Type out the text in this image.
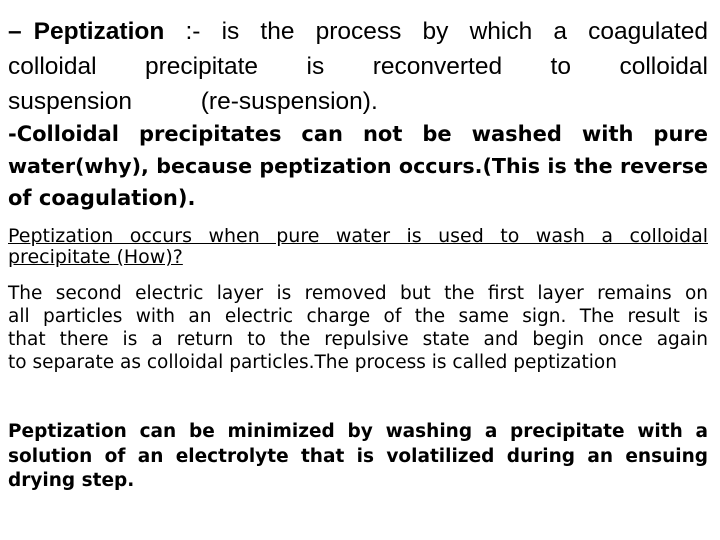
– Peptization :- is the process by which a coagulated
colloidal precipitate is reconverted to colloidal
suspension (re-suspension).
-Colloidal precipitates can not be washed with pure
water(why), because peptization occurs.(This is the reverse
of coagulation).
Peptization occurs when pure water is used to wash a colloidal
precipitate (How)?
The second electric layer is removed but the first layer remains on
all particles with an electric charge of the same sign. The result is
that there is a return to the repulsive state and begin once again
to separate as colloidal particles.The process is called peptization
Peptization can be minimized by washing a precipitate with a
solution of an electrolyte that is volatilized during an ensuing
drying step.
